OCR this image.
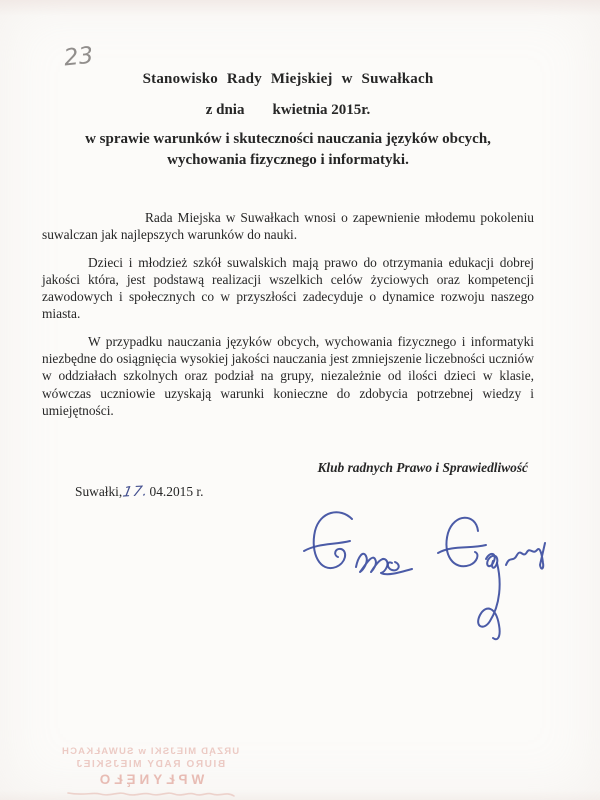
23
Stanowisko Rady Miejskiej w Suwałkach
z dnia kwietnia 2015r.
w sprawie warunków i skuteczności nauczania języków obcych,
wychowania fizycznego i informatyki.

Rada Miejska w Suwałkach wnosi o zapewnienie młodemu pokoleniu suwalczan jak najlepszych warunków do nauki.

Dzieci i młodzież szkół suwalskich mają prawo do otrzymania edukacji dobrej jakości która, jest podstawą realizacji wszelkich celów życiowych oraz kompetencji zawodowych i społecznych co w przyszłości zadecyduje o dynamice rozwoju naszego miasta.

W przypadku nauczania języków obcych, wychowania fizycznego i informatyki niezbędne do osiągnięcia wysokiej jakości nauczania jest zmniejszenie liczebności uczniów w oddziałach szkolnych oraz podział na grupy, niezależnie od ilości dzieci w klasie, wówczas uczniowie uzyskają warunki konieczne do zdobycia potrzebnej wiedzy i umiejętności.

Klub radnych Prawo i Sprawiedliwość
Suwałki,17.04.2015 r.
URZĄD MIEJSKI w SUWAŁKACH
BIURO RADY MIEJSKIEJ
WPŁYNĘŁO
